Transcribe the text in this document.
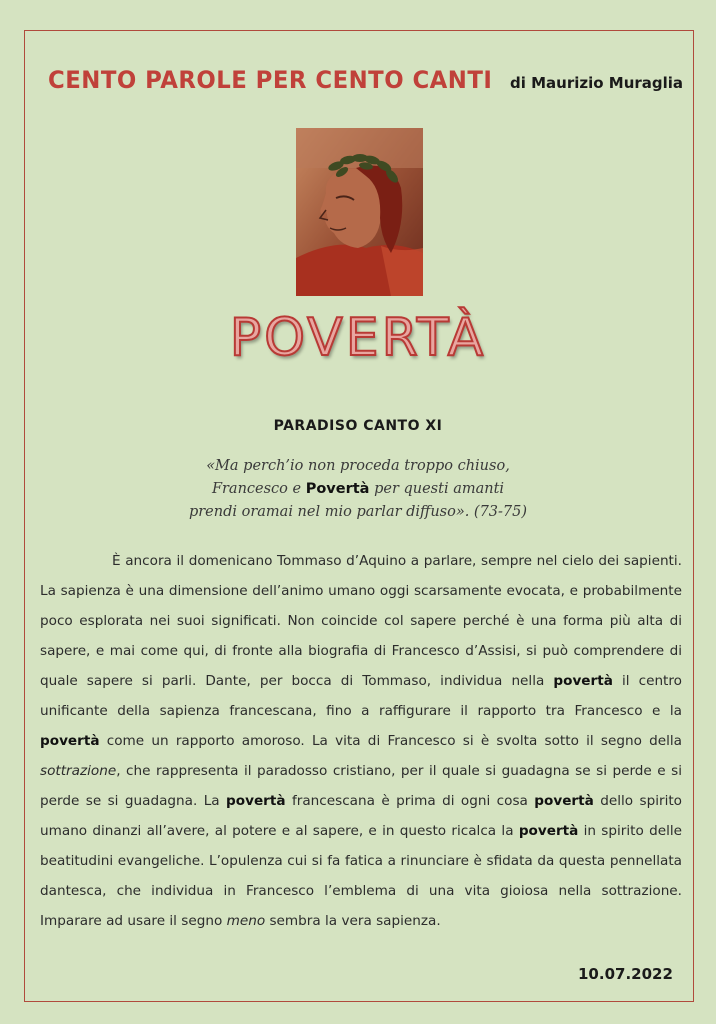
CENTO PAROLE PER CENTO CANTI di Maurizio Muraglia
POVERTÀ
PARADISO CANTO XI
«Ma perch’io non proceda troppo chiuso,
Francesco e Povertà per questi amanti
prendi oramai nel mio parlar diffuso». (73-75)
È ancora il domenicano Tommaso d’Aquino a parlare, sempre nel cielo dei sapienti. La sapienza è una dimensione dell’animo umano oggi scarsamente evocata, e probabilmente poco esplorata nei suoi significati. Non coincide col sapere perché è una forma più alta di sapere, e mai come qui, di fronte alla biografia di Francesco d’Assisi, si può comprendere di quale sapere si parli. Dante, per bocca di Tommaso, individua nella povertà il centro unificante della sapienza francescana, fino a raffigurare il rapporto tra Francesco e la povertà come un rapporto amoroso. La vita di Francesco si è svolta sotto il segno della sottrazione, che rappresenta il paradosso cristiano, per il quale si guadagna se si perde e si perde se si guadagna. La povertà francescana è prima di ogni cosa povertà dello spirito umano dinanzi all’avere, al potere e al sapere, e in questo ricalca la povertà in spirito delle beatitudini evangeliche. L’opulenza cui si fa fatica a rinunciare è sfidata da questa pennellata dantesca, che individua in Francesco l’emblema di una vita gioiosa nella sottrazione. Imparare ad usare il segno meno sembra la vera sapienza.
10.07.2022
